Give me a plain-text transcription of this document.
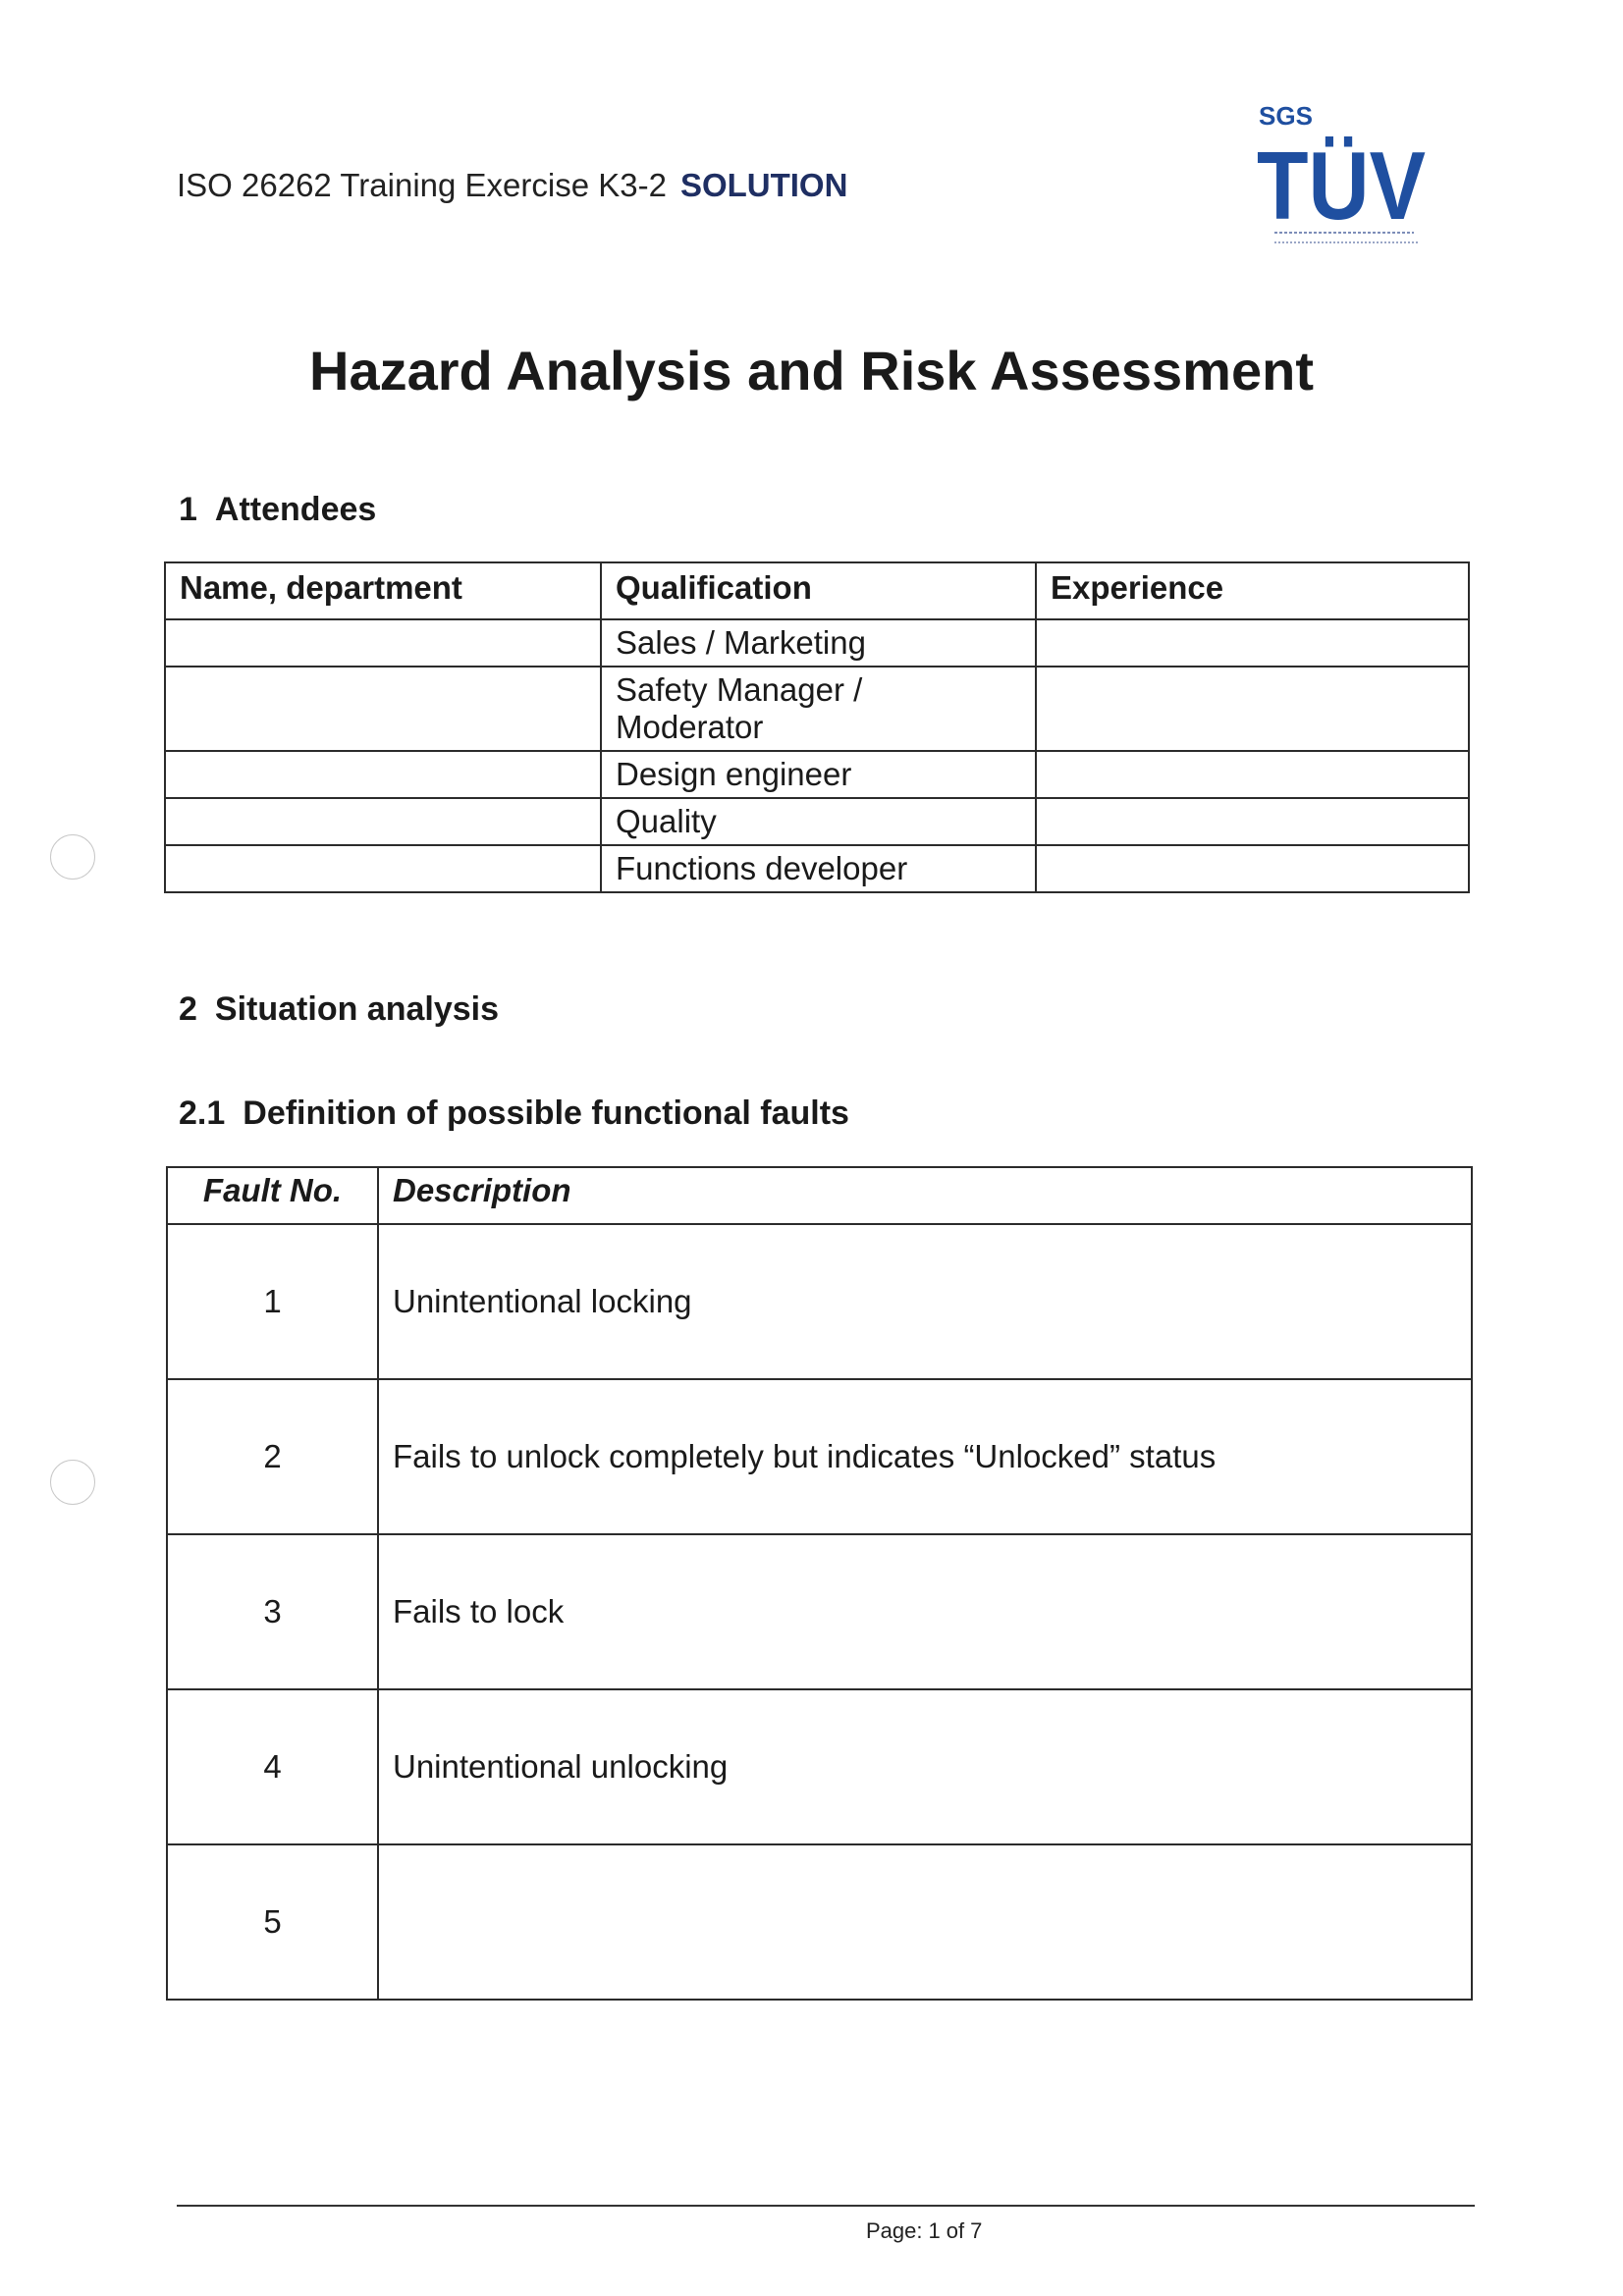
ISO 26262 Training Exercise K3-2 SOLUTION
SGS
TÜV
Hazard Analysis and Risk Assessment
1 Attendees
Name, department	Qualification	Experience
	Sales / Marketing	
	Safety Manager / Moderator	
	Design engineer	
	Quality	
	Functions developer	
2 Situation analysis
2.1 Definition of possible functional faults
Fault No.	Description
1	Unintentional locking
2	Fails to unlock completely but indicates “Unlocked” status
3	Fails to lock
4	Unintentional unlocking
5	
Page: 1 of 7
